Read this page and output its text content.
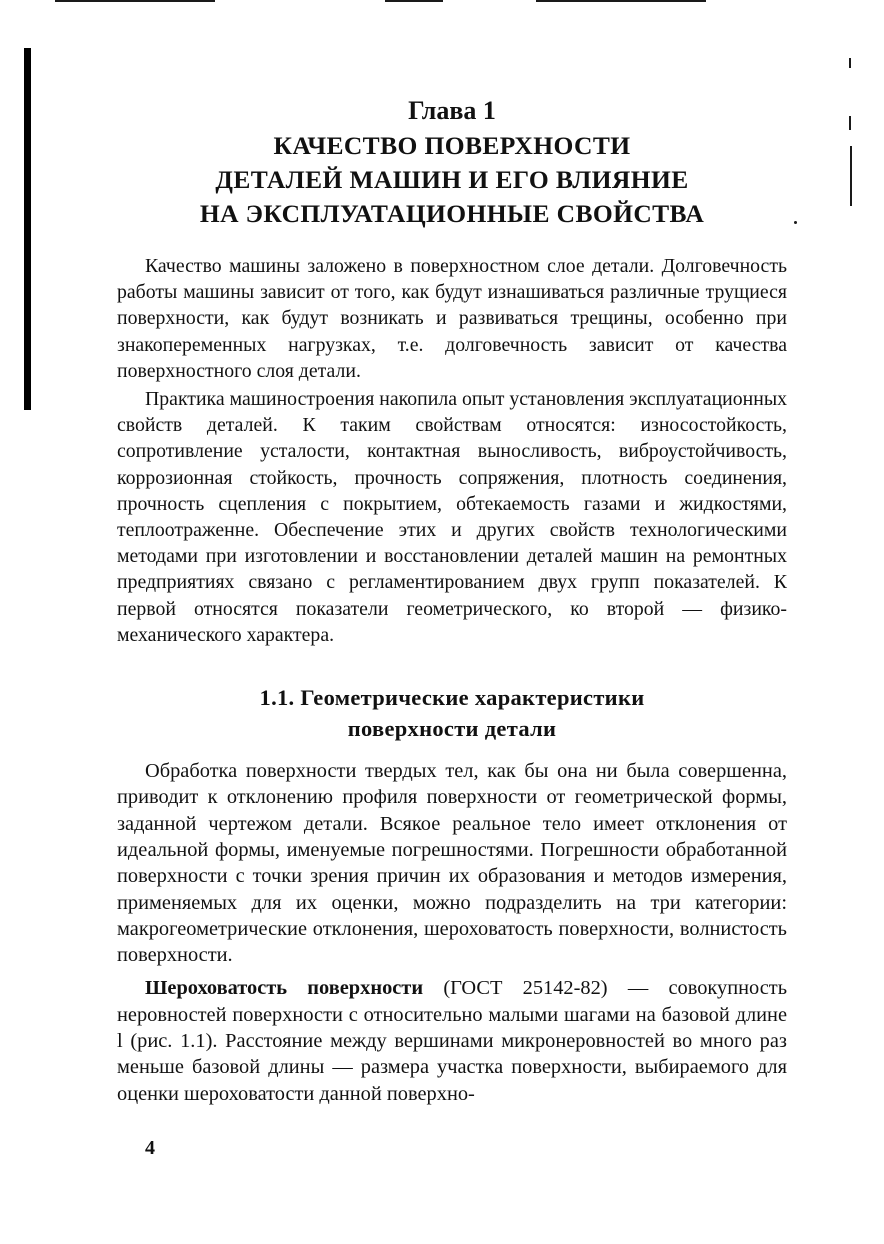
Глава 1
КАЧЕСТВО ПОВЕРХНОСТИ
ДЕТАЛЕЙ МАШИН И ЕГО ВЛИЯНИЕ
НА ЭКСПЛУАТАЦИОННЫЕ СВОЙСТВА

Качество машины заложено в поверхностном слое детали. Долговечность работы машины зависит от того, как будут изнашиваться различные трущиеся поверхности, как будут возникать и развиваться трещины, особенно при знакопеременных нагрузках, т.е. долговечность зависит от качества поверхностного слоя детали.

Практика машиностроения накопила опыт установления эксплуатационных свойств деталей. К таким свойствам относятся: износостойкость, сопротивление усталости, контактная выносливость, виброустойчивость, коррозионная стойкость, прочность сопряжения, плотность соединения, прочность сцепления с покрытием, обтекаемость газами и жидкостями, теплоотраженне. Обеспечение этих и других свойств технологическими методами при изготовлении и восстановлении деталей машин на ремонтных предприятиях связано с регламентированием двух групп показателей. К первой относятся показатели геометрического, ко второй — физико-механического характера.

1.1. Геометрические характеристики
поверхности детали

Обработка поверхности твердых тел, как бы она ни была совершенна, приводит к отклонению профиля поверхности от геометрической формы, заданной чертежом детали. Всякое реальное тело имеет отклонения от идеальной формы, именуемые погрешностями. Погрешности обработанной поверхности с точки зрения причин их образования и методов измерения, применяемых для их оценки, можно подразделить на три категории: макрогеометрические отклонения, шероховатость поверхности, волнистость поверхности.

Шероховатость поверхности (ГОСТ 25142-82) — совокупность неровностей поверхности с относительно малыми шагами на базовой длине l (рис. 1.1). Расстояние между вершинами микронеровностей во много раз меньше базовой длины — размера участка поверхности, выбираемого для оценки шероховатости данной поверхно-

4
